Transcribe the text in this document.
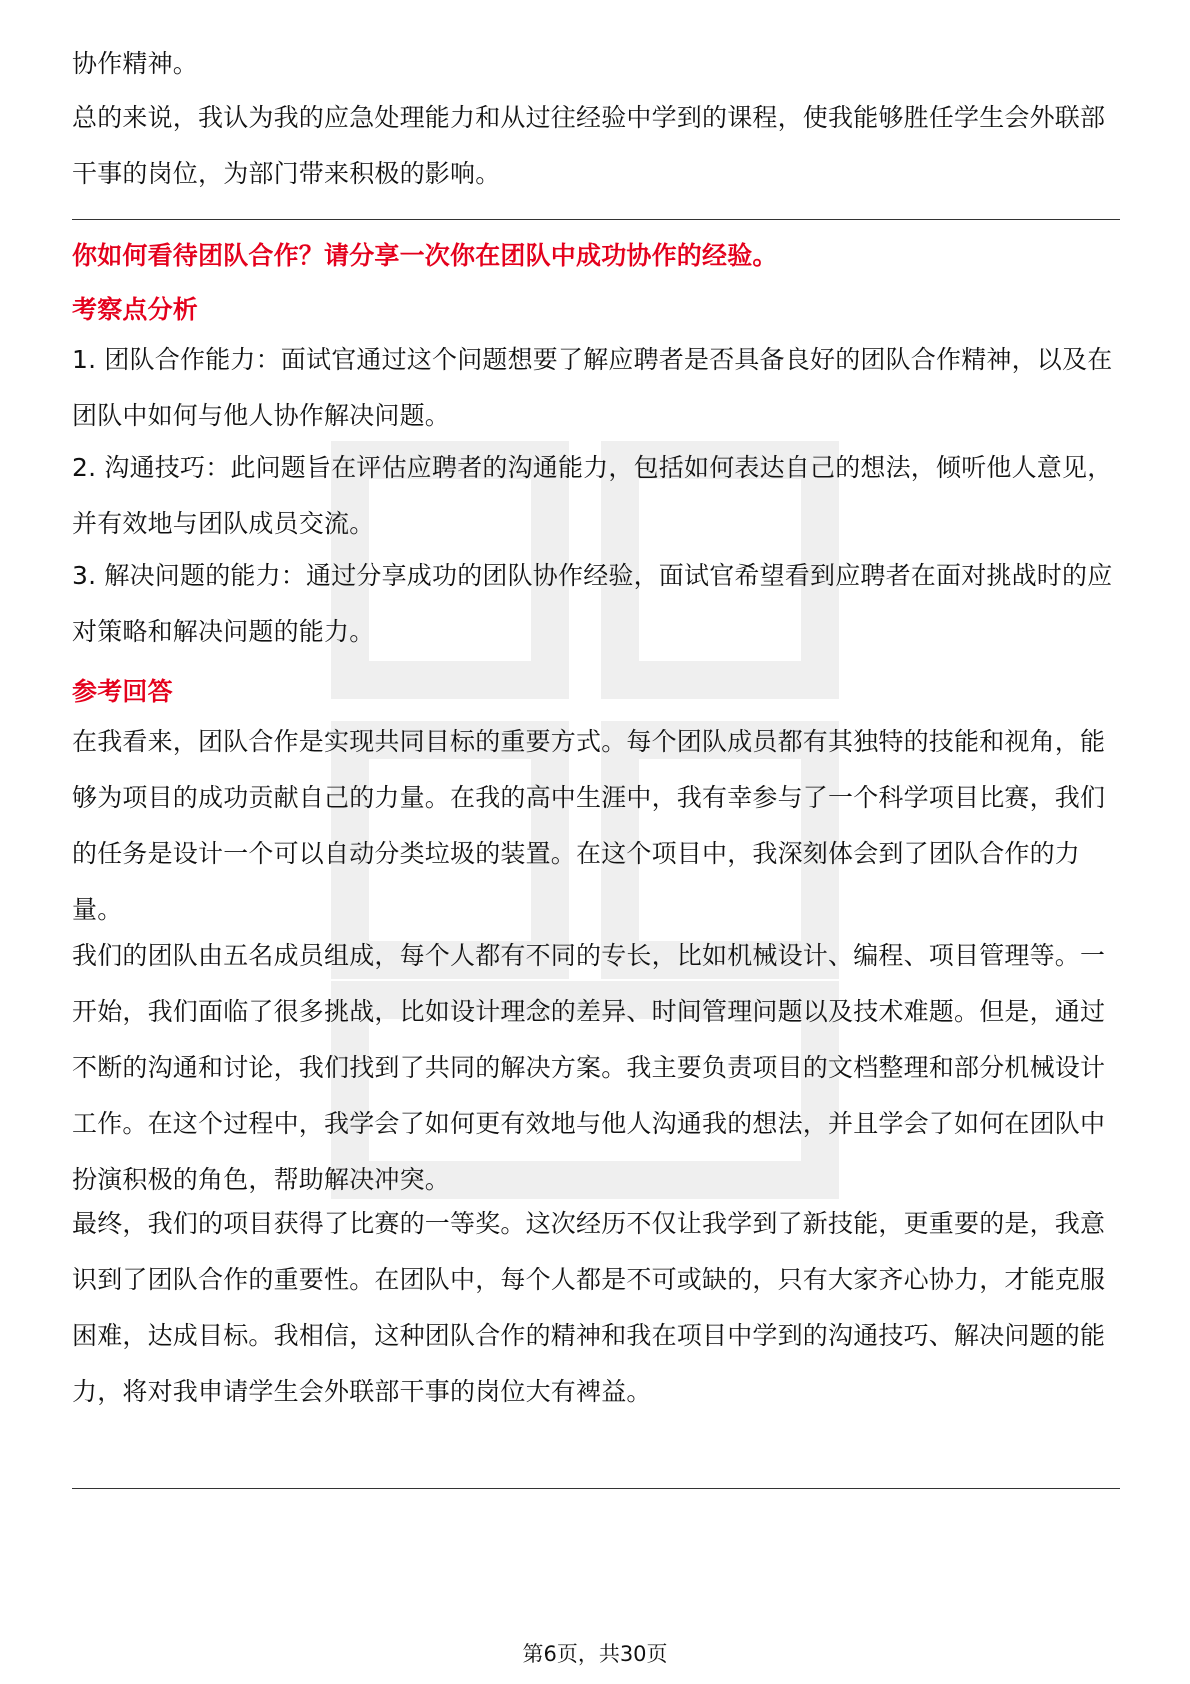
协作精神。

总的来说，我认为我的应急处理能力和从过往经验中学到的课程，使我能够胜任学生会外联部干事的岗位，为部门带来积极的影响。

你如何看待团队合作？请分享一次你在团队中成功协作的经验。

考察点分析

1. 团队合作能力：面试官通过这个问题想要了解应聘者是否具备良好的团队合作精神，以及在团队中如何与他人协作解决问题。

2. 沟通技巧：此问题旨在评估应聘者的沟通能力，包括如何表达自己的想法，倾听他人意见，并有效地与团队成员交流。

3. 解决问题的能力：通过分享成功的团队协作经验，面试官希望看到应聘者在面对挑战时的应对策略和解决问题的能力。

参考回答

在我看来，团队合作是实现共同目标的重要方式。每个团队成员都有其独特的技能和视角，能够为项目的成功贡献自己的力量。在我的高中生涯中，我有幸参与了一个科学项目比赛，我们的任务是设计一个可以自动分类垃圾的装置。在这个项目中，我深刻体会到了团队合作的力量。

我们的团队由五名成员组成，每个人都有不同的专长，比如机械设计、编程、项目管理等。一开始，我们面临了很多挑战，比如设计理念的差异、时间管理问题以及技术难题。但是，通过不断的沟通和讨论，我们找到了共同的解决方案。我主要负责项目的文档整理和部分机械设计工作。在这个过程中，我学会了如何更有效地与他人沟通我的想法，并且学会了如何在团队中扮演积极的角色，帮助解决冲突。

最终，我们的项目获得了比赛的一等奖。这次经历不仅让我学到了新技能，更重要的是，我意识到了团队合作的重要性。在团队中，每个人都是不可或缺的，只有大家齐心协力，才能克服困难，达成目标。我相信，这种团队合作的精神和我在项目中学到的沟通技巧、解决问题的能力，将对我申请学生会外联部干事的岗位大有裨益。

第6页，共30页
